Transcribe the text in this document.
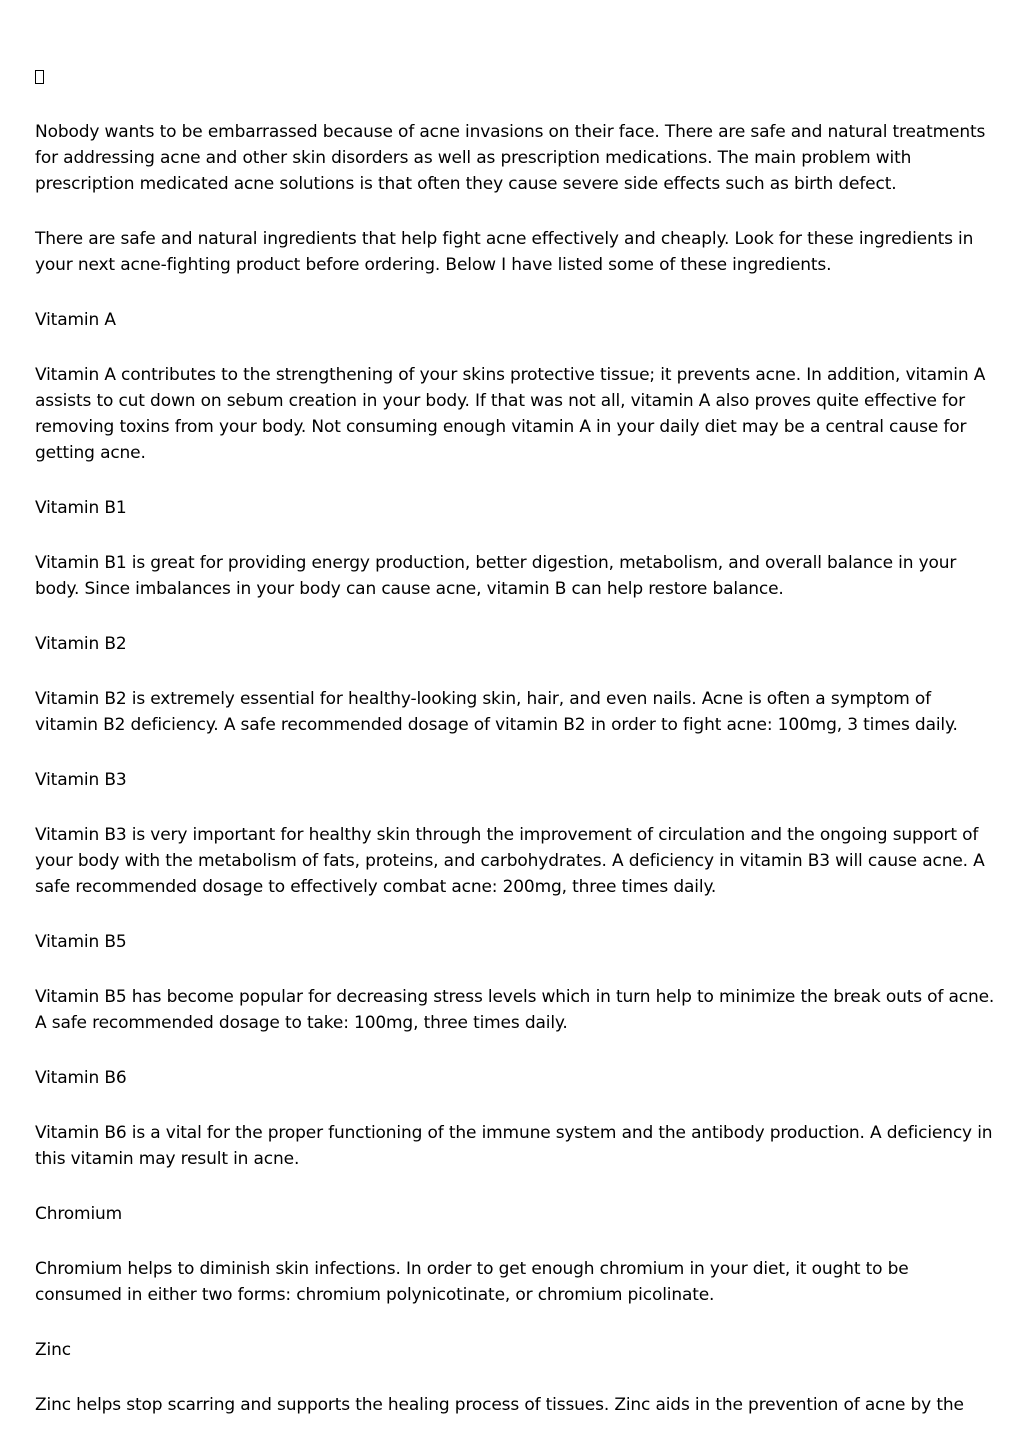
Nobody wants to be embarrassed because of acne invasions on their face. There are safe and natural treatments for addressing acne and other skin disorders as well as prescription medications. The main problem with prescription medicated acne solutions is that often they cause severe side effects such as birth defect.

There are safe and natural ingredients that help fight acne effectively and cheaply. Look for these ingredients in your next acne-fighting product before ordering. Below I have listed some of these ingredients.

Vitamin A

Vitamin A contributes to the strengthening of your skins protective tissue; it prevents acne. In addition, vitamin A assists to cut down on sebum creation in your body. If that was not all, vitamin A also proves quite effective for removing toxins from your body. Not consuming enough vitamin A in your daily diet may be a central cause for getting acne.

Vitamin B1

Vitamin B1 is great for providing energy production, better digestion, metabolism, and overall balance in your body. Since imbalances in your body can cause acne, vitamin B can help restore balance.

Vitamin B2

Vitamin B2 is extremely essential for healthy-looking skin, hair, and even nails. Acne is often a symptom of vitamin B2 deficiency. A safe recommended dosage of vitamin B2 in order to fight acne: 100mg, 3 times daily.

Vitamin B3

Vitamin B3 is very important for healthy skin through the improvement of circulation and the ongoing support of your body with the metabolism of fats, proteins, and carbohydrates. A deficiency in vitamin B3 will cause acne. A safe recommended dosage to effectively combat acne: 200mg, three times daily.

Vitamin B5

Vitamin B5 has become popular for decreasing stress levels which in turn help to minimize the break outs of acne. A safe recommended dosage to take: 100mg, three times daily.

Vitamin B6

Vitamin B6 is a vital for the proper functioning of the immune system and the antibody production. A deficiency in this vitamin may result in acne.

Chromium

Chromium helps to diminish skin infections. In order to get enough chromium in your diet, it ought to be consumed in either two forms: chromium polynicotinate, or chromium picolinate.

Zinc

Zinc helps stop scarring and supports the healing process of tissues. Zinc aids in the prevention of acne by the
